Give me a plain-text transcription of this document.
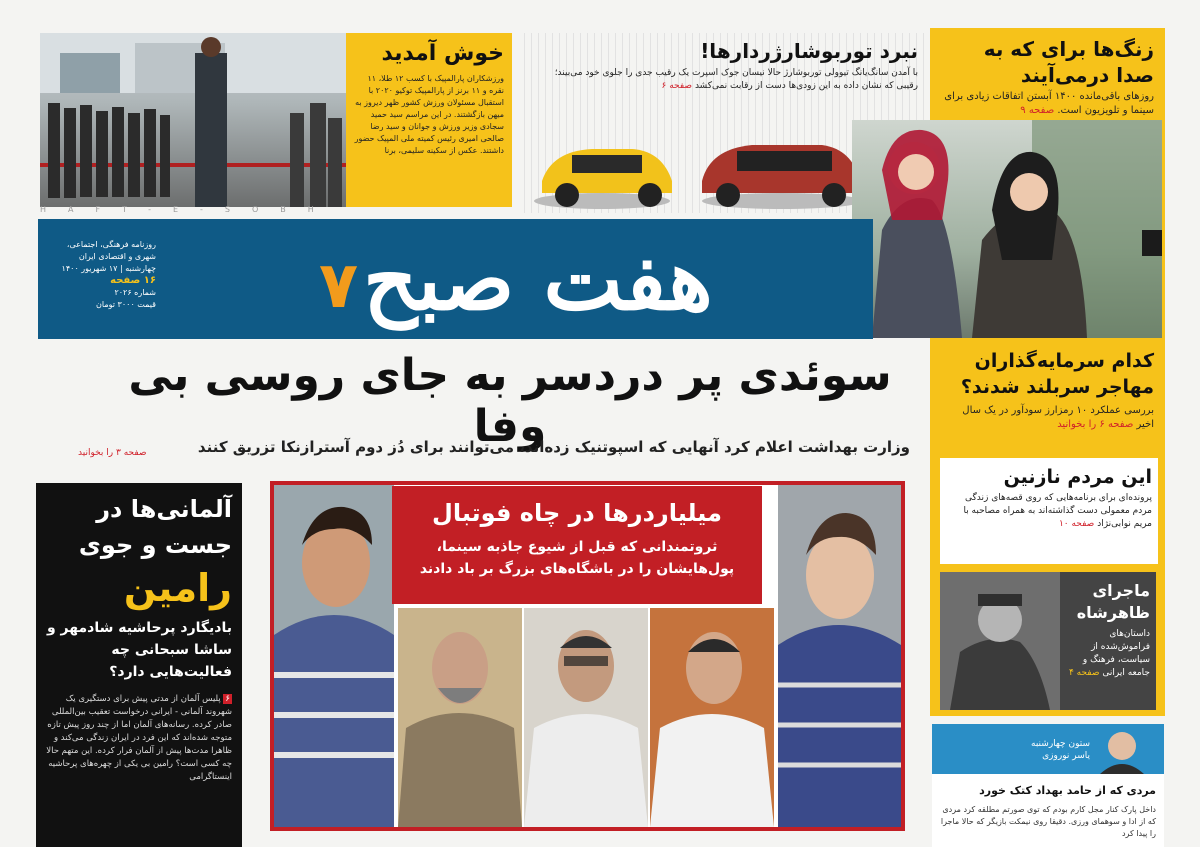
خوش آمدید
ورزشکاران پارالمپیک با کسب ۱۲ طلا، ۱۱ نقره و ۱۱ برنز از پارالمپیک توکیو ۲۰۲۰ با استقبال مسئولان ورزش کشور ظهر دیروز به میهن بازگشتند. در این مراسم سید حمید سجادی وزیر ورزش و جوانان و سید رضا صالحی امیری رئیس کمیته ملی المپیک حضور داشتند. عکس از سکینه سلیمی، برنا
نبرد توربوشارژردارها!
با آمدن سانگ‌یانگ تیوولی توربوشارژ حالا نیسان جوک اسپرت یک رقیب جدی را جلوی خود می‌بیند؛ رقیبی که نشان داده به این زودی‌ها دست از رقابت نمی‌کشد صفحه ۶
زنگ‌ها برای که به صدا درمی‌آیند
روزهای باقی‌مانده ۱۴۰۰ آبستن اتفاقات زیادی برای سینما و تلویزیون است. صفحه ۹
کدام سرمایه‌گذاران مهاجر سربلند شدند؟
بررسی عملکرد ۱۰ رمزارز سودآور در یک سال اخیر صفحه ۶ را بخوانید
این مردم نازنین
پرونده‌ای برای برنامه‌هایی که روی قصه‌های زندگی مردم معمولی دست گذاشته‌اند به همراه مصاحبه با مریم نوابی‌نژاد صفحه ۱۰
ماجرای ظاهرشاه
داستان‌های فراموش‌شده از سیاست، فرهنگ و جامعه ایرانی صفحه ۴
ستون چهارشنبه
یاسر نوروزی
مردی که از حامد بهداد کتک خورد
داخل پارک کنار مجل کارم بودم که توی صورتم مطلقه کرد مردی که از ادا و سوهمای ورزی. دقیقا روی نیمکت بازیگر که حالا ماجرا را پیدا کرد
HAFT-E-SOBH
روزنامه فرهنگی، اجتماعی،
شهری و اقتصادی ایران
چهارشنبه | ۱۷ شهریور ۱۴۰۰
۱۶ صفحه
شماره ۲۰۲۶
قیمت ۳۰۰۰ تومان هفت صبح
٧
سوئدی پر دردسر به جای روسی بی وفا
وزارت بهداشت اعلام کرد آنهایی که اسپوتنیک زده‌اند، می‌توانند برای دُز دوم آسترازنکا تزریق کنند
صفحه ۳ را بخوانید
آلمانی‌ها در
جست و جوی
رامین
بادیگارد پرحاشیه شادمهر و ساشا سبحانی چه فعالیت‌هایی دارد؟
۶ پلیس آلمان از مدتی پیش برای دستگیری یک شهروند آلمانی - ایرانی درخواست تعقیب بین‌المللی صادر کرده. رسانه‌های آلمان اما از چند روز پیش تازه متوجه شده‌اند که این فرد در ایران زندگی می‌کند و ظاهرا مدت‌ها پیش از آلمان فرار کرده. این متهم حالا چه کسی است؟ رامین بی یکی از چهره‌های پرحاشیه اینستاگرامی
میلیاردرها در چاه فوتبال
ثروتمندانی که قبل از شیوع جاذبه سینما، پول‌هایشان را در باشگاه‌های بزرگ بر باد دادند
